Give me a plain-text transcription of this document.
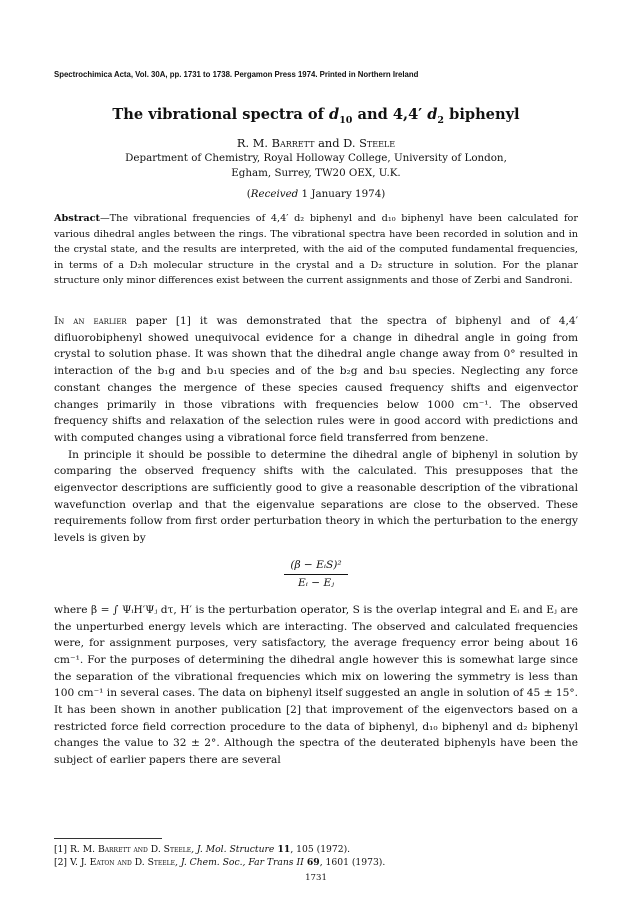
Spectrochimica Acta, Vol. 30A, pp. 1731 to 1738. Pergamon Press 1974. Printed in Northern Ireland
The vibrational spectra of $d_{10}$ and 4,4′ $d_2$ biphenyl
R. M. Barrett and D. Steele
Department of Chemistry, Royal Holloway College, University of London,
Egham, Surrey, TW20 OEX, U.K.
(Received 1 January 1974)
Abstract—The vibrational frequencies of 4,4′ d₂ biphenyl and d₁₀ biphenyl have been calculated for various dihedral angles between the rings. The vibrational spectra have been recorded in solution and in the crystal state, and the results are interpreted, with the aid of the computed fundamental frequencies, in terms of a D₂h molecular structure in the crystal and a D₂ structure in solution. For the planar structure only minor differences exist between the current assignments and those of Zerbi and Sandroni.

In an earlier paper [1] it was demonstrated that the spectra of biphenyl and of 4,4′ difluorobiphenyl showed unequivocal evidence for a change in dihedral angle in going from crystal to solution phase. It was shown that the dihedral angle change away from 0° resulted in interaction of the b₁g and b₁u species and of the b₂g and b₃u species. Neglecting any force constant changes the mergence of these species caused frequency shifts and eigenvector changes primarily in those vibrations with frequencies below 1000 cm⁻¹. The observed frequency shifts and relaxation of the selection rules were in good accord with predictions and with computed changes using a vibrational force field transferred from benzene.

In principle it should be possible to determine the dihedral angle of biphenyl in solution by comparing the observed frequency shifts with the calculated. This presupposes that the eigenvector descriptions are sufficiently good to give a reasonable description of the vibrational wavefunction overlap and that the eigenvalue separations are close to the observed. These requirements follow from first order perturbation theory in which the perturbation to the energy levels is given by

(β − EᵢS)²
Eᵢ − Eⱼ

where β = ∫ ΨᵢH′Ψⱼ dτ, H′ is the perturbation operator, S is the overlap integral and Eᵢ and Eⱼ are the unperturbed energy levels which are interacting. The observed and calculated frequencies were, for assignment purposes, very satisfactory, the average frequency error being about 16 cm⁻¹. For the purposes of determining the dihedral angle however this is somewhat large since the separation of the vibrational frequencies which mix on lowering the symmetry is less than 100 cm⁻¹ in several cases. The data on biphenyl itself suggested an angle in solution of 45 ± 15°. It has been shown in another publication [2] that improvement of the eigenvectors based on a restricted force field correction procedure to the data of biphenyl, d₁₀ biphenyl and d₂ biphenyl changes the value to 32 ± 2°. Although the spectra of the deuterated biphenyls have been the subject of earlier papers there are several

[1] R. M. Barrett and D. Steele, J. Mol. Structure 11, 105 (1972).
[2] V. J. Eaton and D. Steele, J. Chem. Soc., Far Trans II 69, 1601 (1973).
1731
